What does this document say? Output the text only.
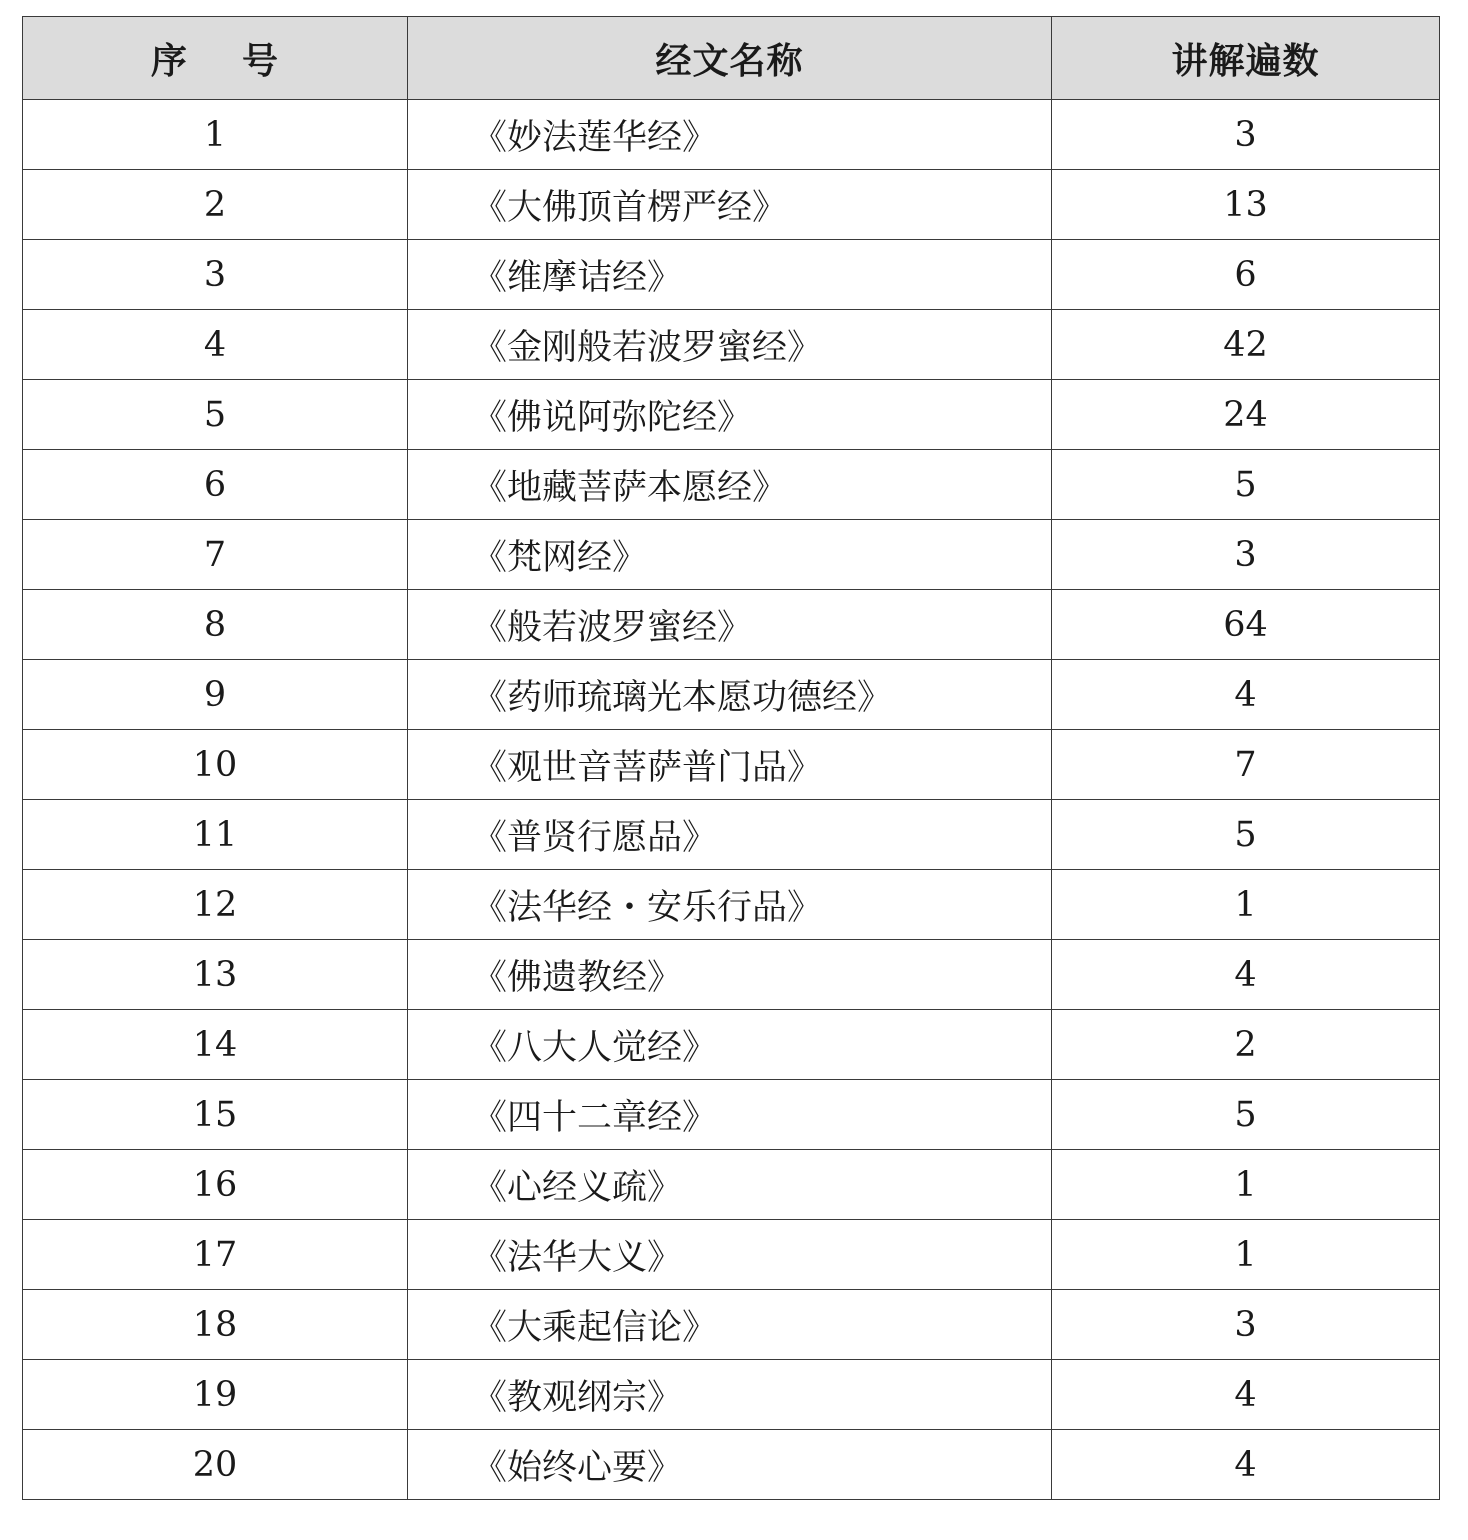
序    号	经文名称	讲解遍数
1	《妙法莲华经》	3
2	《大佛顶首楞严经》	13
3	《维摩诘经》	6
4	《金刚般若波罗蜜经》	42
5	《佛说阿弥陀经》	24
6	《地藏菩萨本愿经》	5
7	《梵网经》	3
8	《般若波罗蜜经》	64
9	《药师琉璃光本愿功德经》	4
10	《观世音菩萨普门品》	7
11	《普贤行愿品》	5
12	《法华经・安乐行品》	1
13	《佛遗教经》	4
14	《八大人觉经》	2
15	《四十二章经》	5
16	《心经义疏》	1
17	《法华大义》	1
18	《大乘起信论》	3
19	《教观纲宗》	4
20	《始终心要》	4
